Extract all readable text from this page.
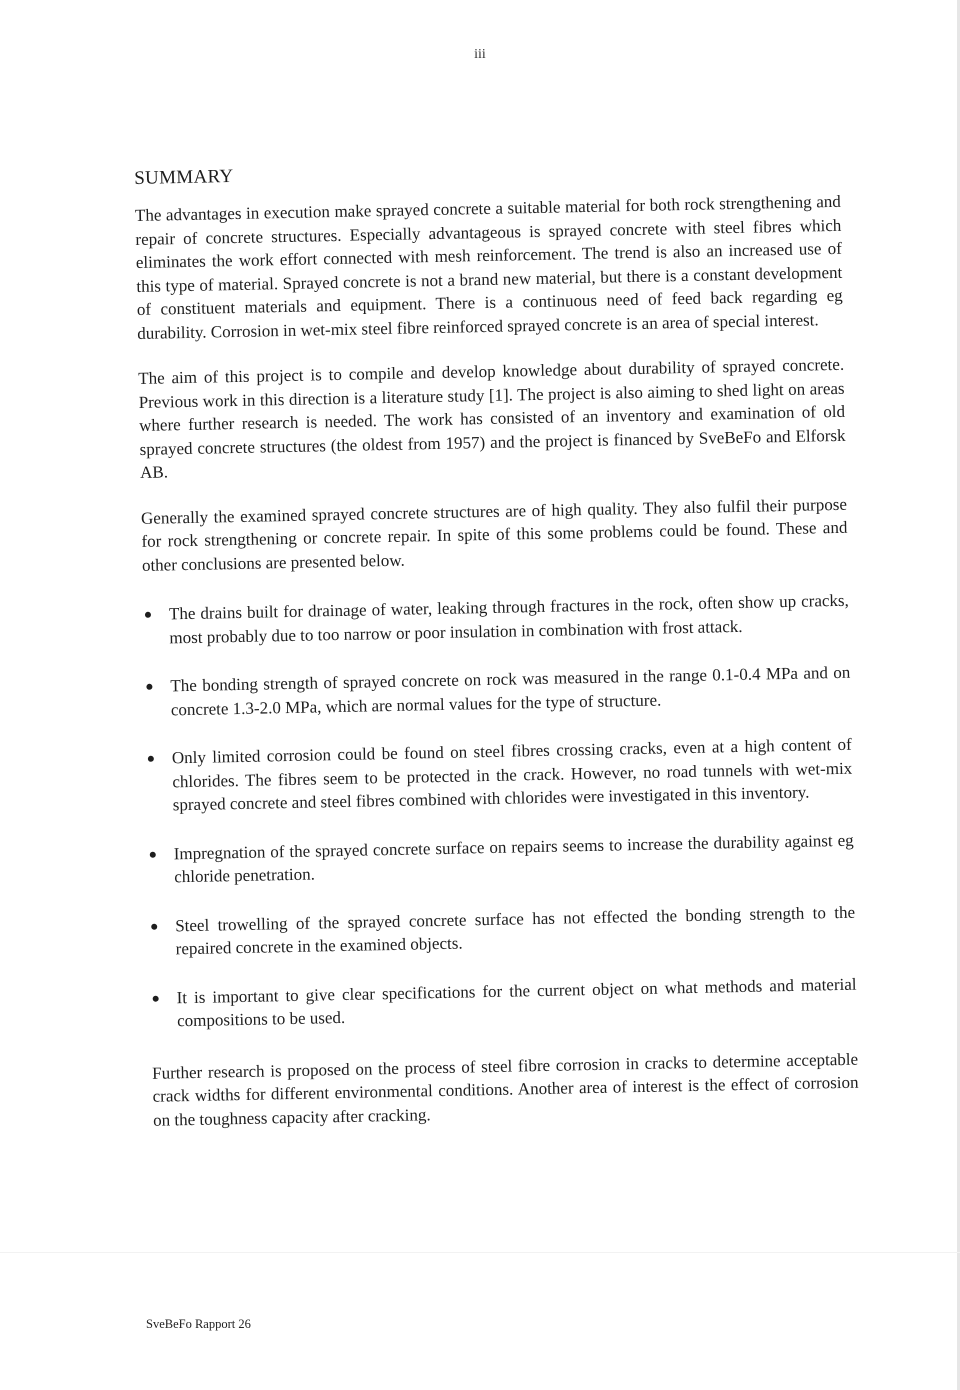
iii
SUMMARY

The advantages in execution make sprayed concrete a suitable material for both rock strengthening and repair of concrete structures. Especially advantageous is sprayed concrete with steel fibres which eliminates the work effort connected with mesh reinforcement. The trend is also an increased use of this type of material. Sprayed concrete is not a brand new material, but there is a constant development of constituent materials and equipment. There is a continuous need of feed back regarding eg durability. Corrosion in wet-mix steel fibre reinforced sprayed concrete is an area of special interest.

The aim of this project is to compile and develop knowledge about durability of sprayed concrete. Previous work in this direction is a literature study [1]. The project is also aiming to shed light on areas where further research is needed. The work has consisted of an inventory and examination of old sprayed concrete structures (the oldest from 1957) and the project is financed by SveBeFo and Elforsk AB.

Generally the examined sprayed concrete structures are of high quality. They also fulfil their purpose for rock strengthening or concrete repair. In spite of this some problems could be found. These and other conclusions are presented below.

The drains built for drainage of water, leaking through fractures in the rock, often show up cracks, most probably due to too narrow or poor insulation in combination with frost attack.
The bonding strength of sprayed concrete on rock was measured in the range 0.1-0.4 MPa and on concrete 1.3-2.0 MPa, which are normal values for the type of structure.
Only limited corrosion could be found on steel fibres crossing cracks, even at a high content of chlorides. The fibres seem to be protected in the crack. However, no road tunnels with wet-mix sprayed concrete and steel fibres combined with chlorides were investigated in this inventory.
Impregnation of the sprayed concrete surface on repairs seems to increase the durability against eg chloride penetration.
Steel trowelling of the sprayed concrete surface has not effected the bonding strength to the repaired concrete in the examined objects.
It is important to give clear specifications for the current object on what methods and material compositions to be used.

Further research is proposed on the process of steel fibre corrosion in cracks to determine acceptable crack widths for different environmental conditions. Another area of interest is the effect of corrosion on the toughness capacity after cracking.

SveBeFo Rapport 26
